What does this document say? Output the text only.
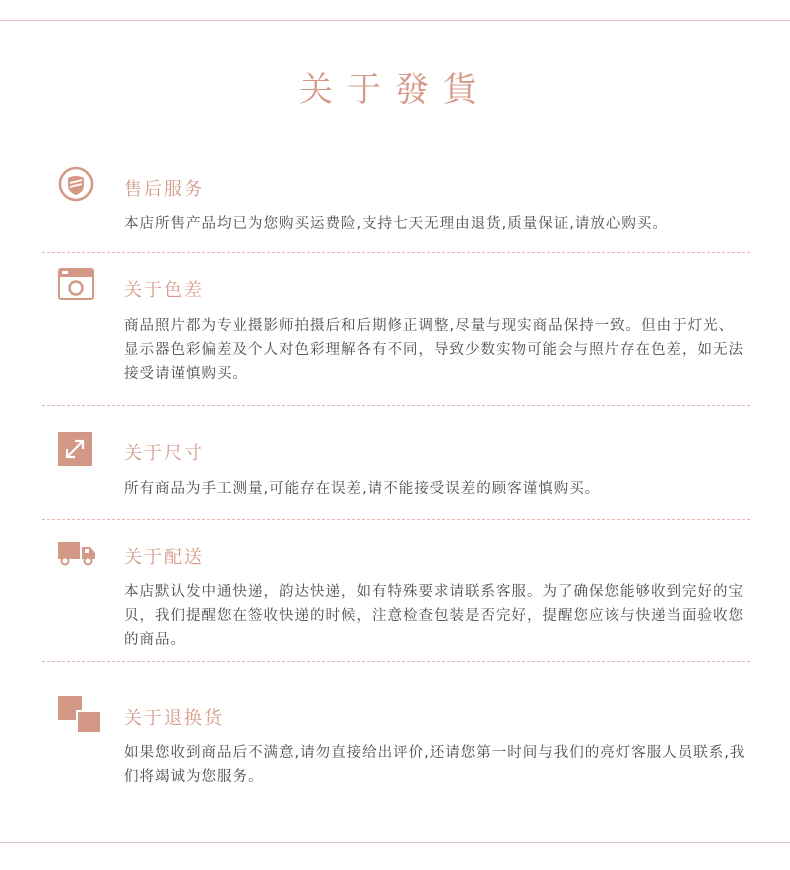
关于發貨
售后服务

本店所售产品均已为您购买运费险,支持七天无理由退货,质量保证,请放心购买。

关于色差

商品照片都为专业摄影师拍摄后和后期修正调整,尽量与现实商品保持一致。但由于灯光、显示器色彩偏差及个人对色彩理解各有不同，导致少数实物可能会与照片存在色差，如无法接受请谨慎购买。

关于尺寸

所有商品为手工测量,可能存在误差,请不能接受误差的顾客谨慎购买。

关于配送

本店默认发中通快递，韵达快递，如有特殊要求请联系客服。为了确保您能够收到完好的宝贝，我们提醒您在签收快递的时候，注意检查包装是否完好，提醒您应该与快递当面验收您的商品。

关于退换货

如果您收到商品后不满意,请勿直接给出评价,还请您第一时间与我们的亮灯客服人员联系,我们将竭诚为您服务。
